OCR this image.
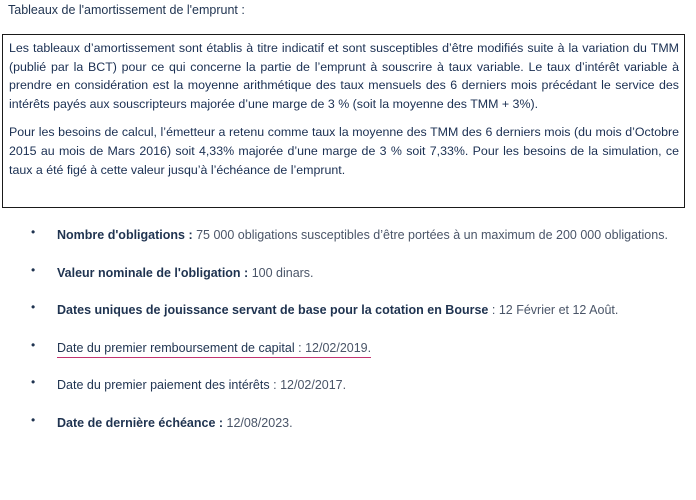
Tableaux de l'amortissement de l'emprunt :

Les tableaux d’amortissement sont établis à titre indicatif et sont susceptibles d’être modifiés suite à la variation du TMM (publié par la BCT) pour ce qui concerne la partie de l’emprunt à souscrire à taux variable. Le taux d’intérêt variable à prendre en considération est la moyenne arithmétique des taux mensuels des 6 derniers mois précédant le service des intérêts payés aux souscripteurs majorée d’une marge de 3 % (soit la moyenne des TMM + 3%).

Pour les besoins de calcul, l’émetteur a retenu comme taux la moyenne des TMM des 6 derniers mois (du mois d’Octobre 2015 au mois de Mars 2016) soit 4,33% majorée d’une marge de 3 % soit 7,33%. Pour les besoins de la simulation, ce taux a été figé à cette valeur jusqu’à l’échéance de l’emprunt.

• Nombre d'obligations : 75 000 obligations susceptibles d’être portées à un maximum de 200 000 obligations.
• Valeur nominale de l'obligation : 100 dinars.
• Dates uniques de jouissance servant de base pour la cotation en Bourse : 12 Février et 12 Août.
• Date du premier remboursement de capital : 12/02/2019.
• Date du premier paiement des intérêts : 12/02/2017.
• Date de dernière échéance : 12/08/2023.
